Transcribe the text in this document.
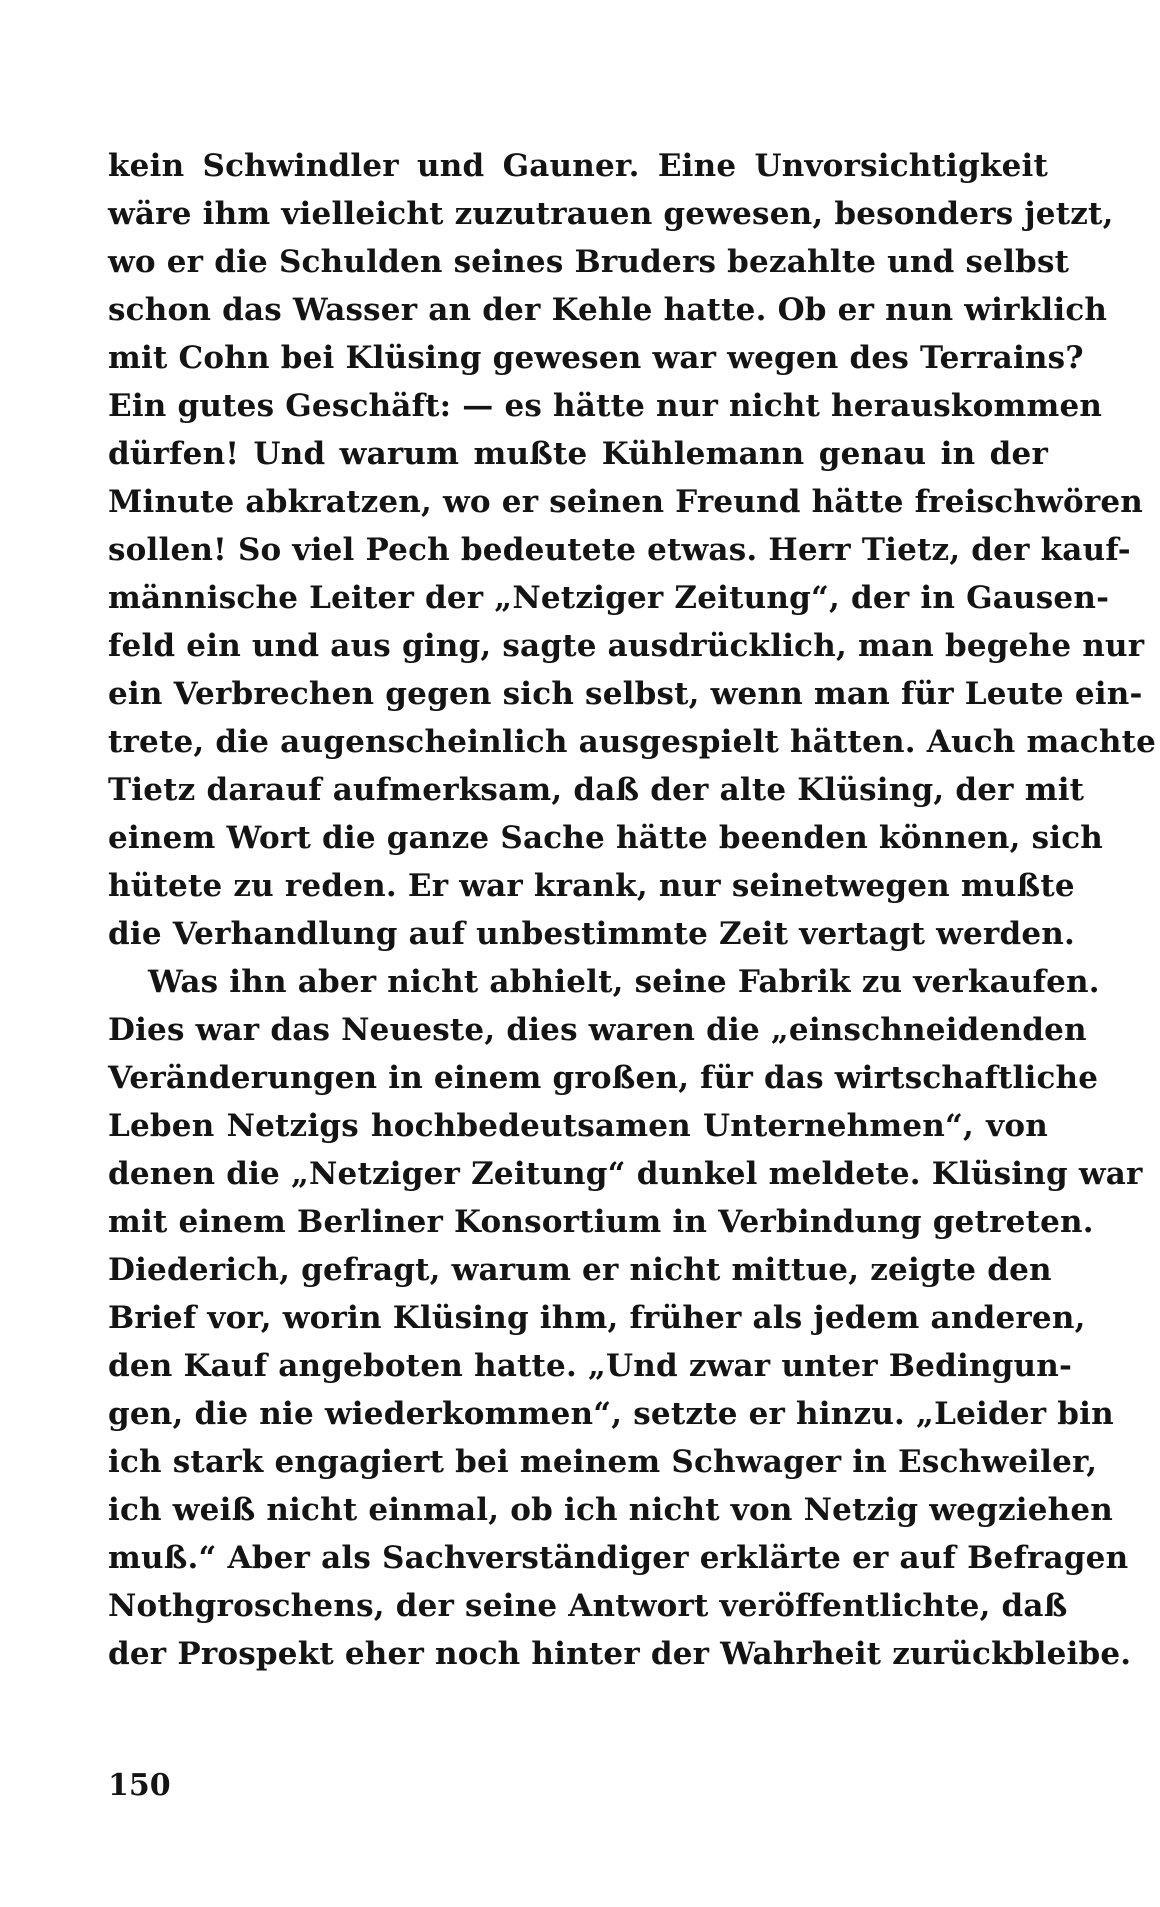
kein Schwindler und Gauner. Eine Unvorsichtigkeit
wäre ihm vielleicht zuzutrauen gewesen, besonders jetzt,
wo er die Schulden seines Bruders bezahlte und selbst
schon das Wasser an der Kehle hatte. Ob er nun wirklich
mit Cohn bei Klüsing gewesen war wegen des Terrains?
Ein gutes Geschäft: — es hätte nur nicht herauskommen
dürfen! Und warum mußte Kühlemann genau in der
Minute abkratzen, wo er seinen Freund hätte freischwören
sollen! So viel Pech bedeutete etwas. Herr Tietz, der kauf-
männische Leiter der „Netziger Zeitung“, der in Gausen-
feld ein und aus ging, sagte ausdrücklich, man begehe nur
ein Verbrechen gegen sich selbst, wenn man für Leute ein-
trete, die augenscheinlich ausgespielt hätten. Auch machte
Tietz darauf aufmerksam, daß der alte Klüsing, der mit
einem Wort die ganze Sache hätte beenden können, sich
hütete zu reden. Er war krank, nur seinetwegen mußte
die Verhandlung auf unbestimmte Zeit vertagt werden.
Was ihn aber nicht abhielt, seine Fabrik zu verkaufen.
Dies war das Neueste, dies waren die „einschneidenden
Veränderungen in einem großen, für das wirtschaftliche
Leben Netzigs hochbedeutsamen Unternehmen“, von
denen die „Netziger Zeitung“ dunkel meldete. Klüsing war
mit einem Berliner Konsortium in Verbindung getreten.
Diederich, gefragt, warum er nicht mittue, zeigte den
Brief vor, worin Klüsing ihm, früher als jedem anderen,
den Kauf angeboten hatte. „Und zwar unter Bedingun-
gen, die nie wiederkommen“, setzte er hinzu. „Leider bin
ich stark engagiert bei meinem Schwager in Eschweiler,
ich weiß nicht einmal, ob ich nicht von Netzig wegziehen
muß.“ Aber als Sachverständiger erklärte er auf Befragen
Nothgroschens, der seine Antwort veröffentlichte, daß
der Prospekt eher noch hinter der Wahrheit zurückbleibe.
150
